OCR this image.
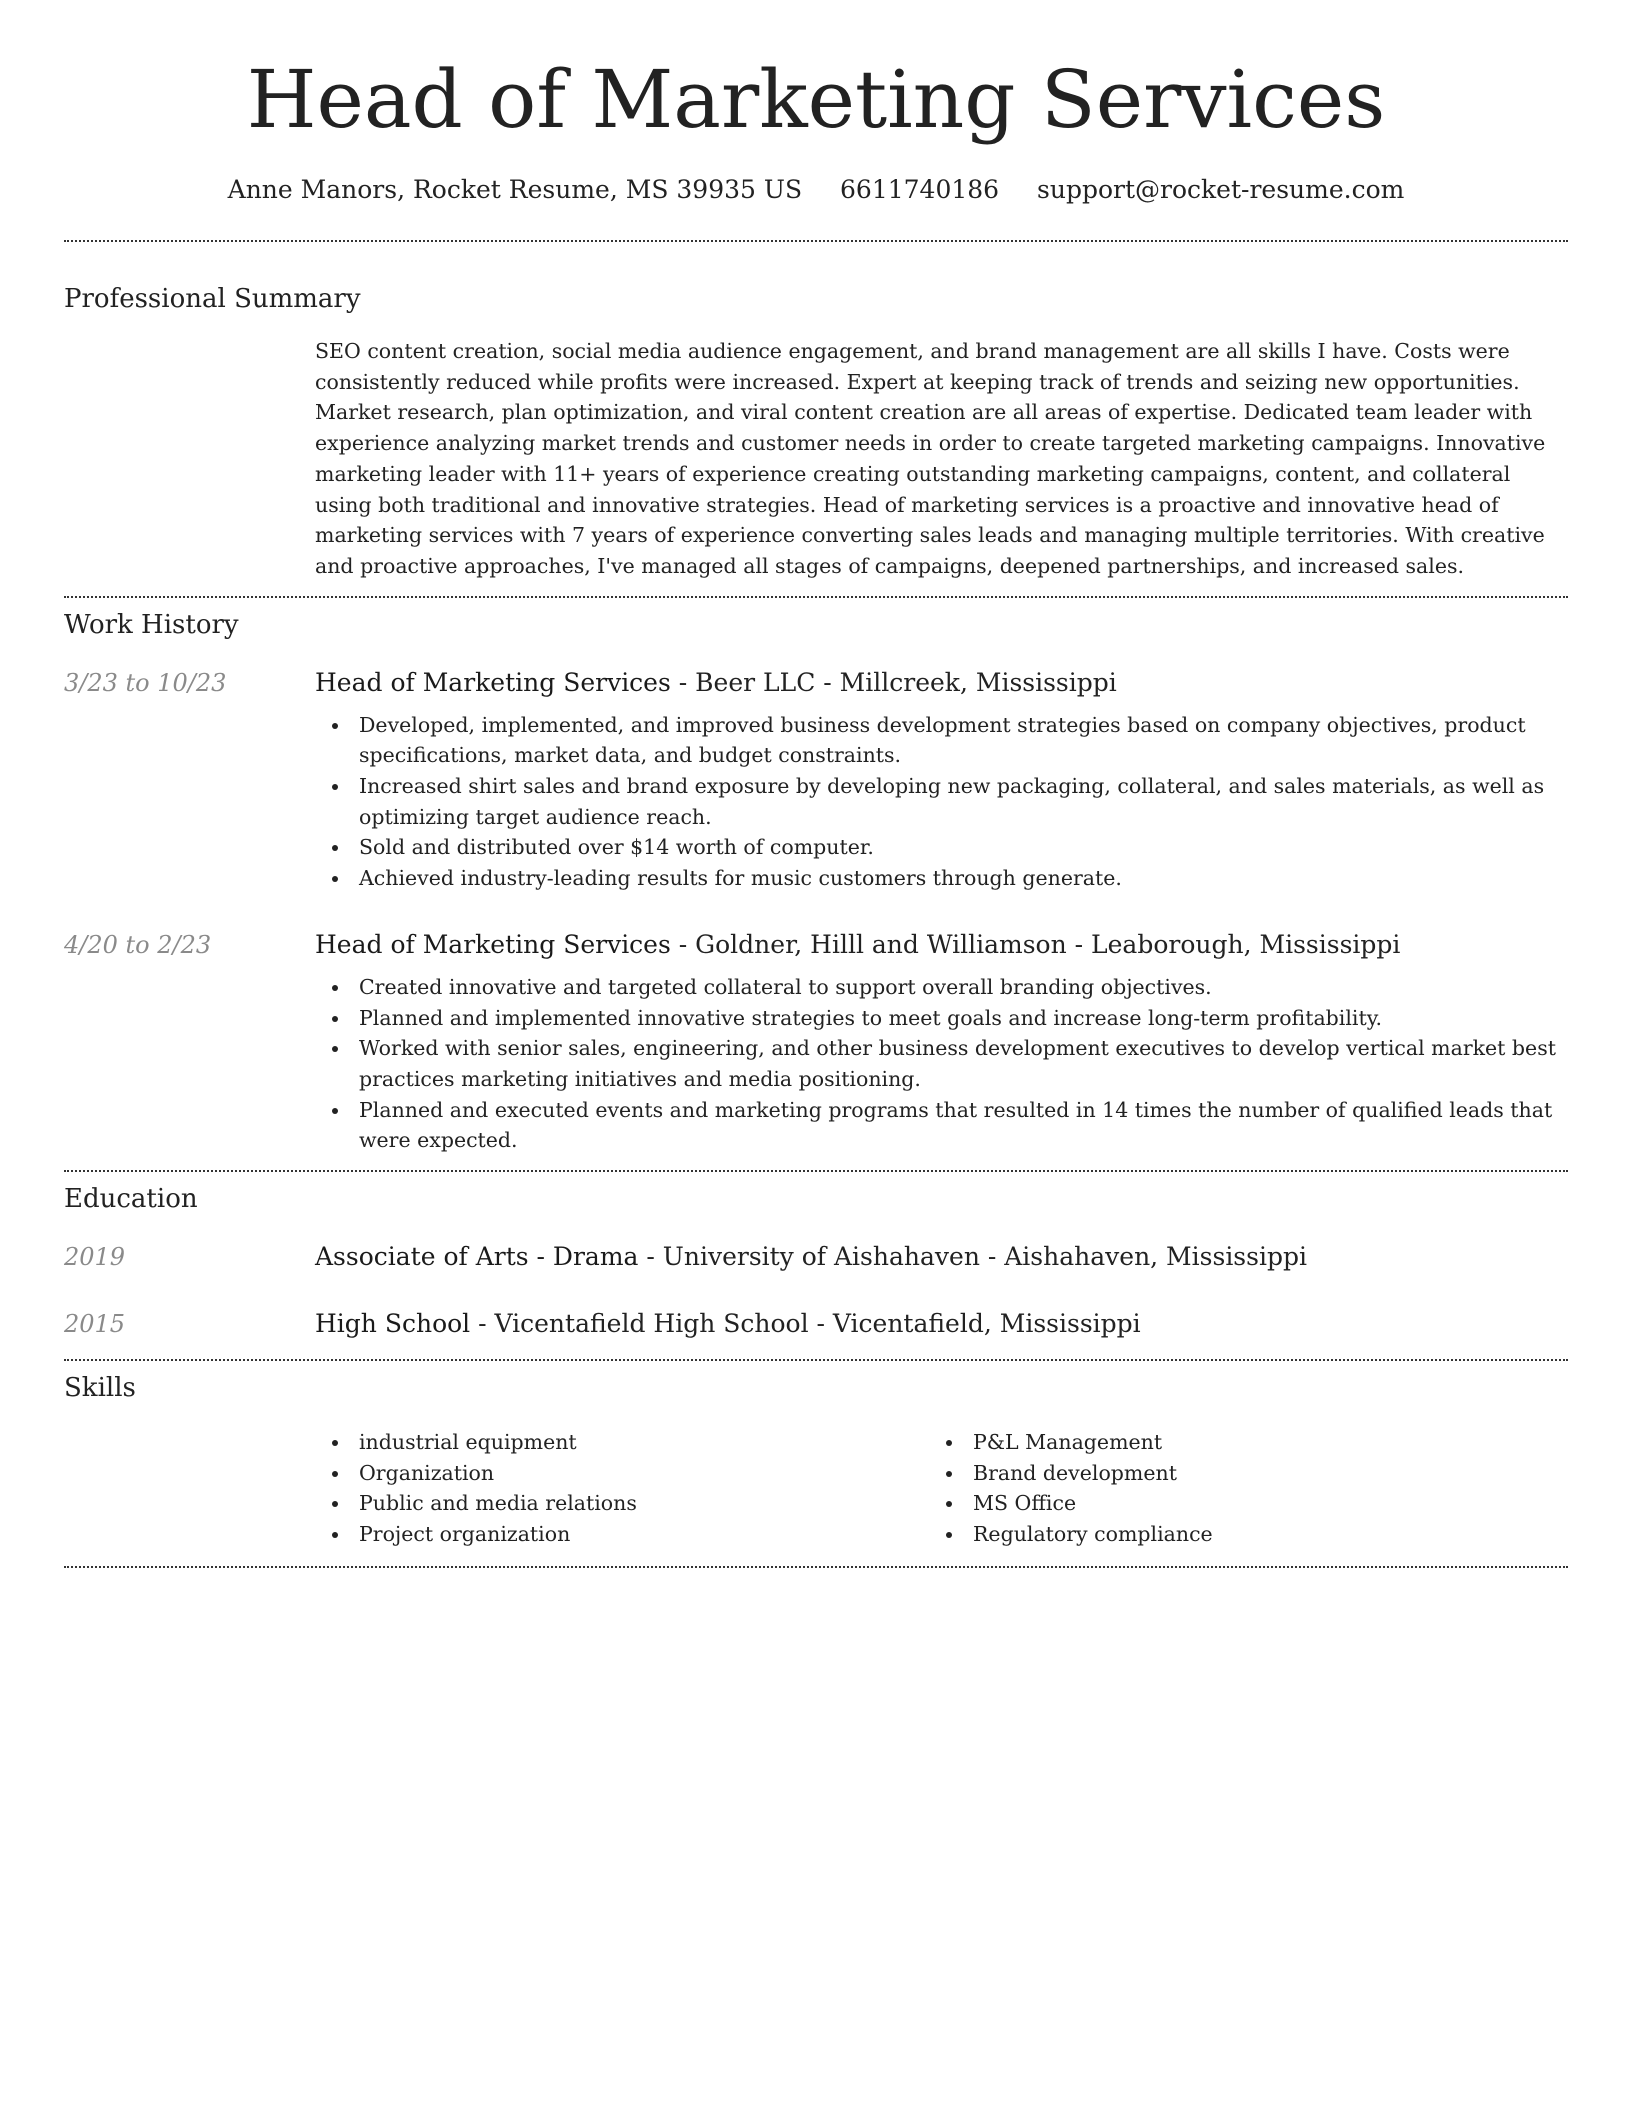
Head of Marketing Services
Anne Manors, Rocket Resume, MS 39935 US 6611740186 support@rocket-resume.com
Professional Summary

SEO content creation, social media audience engagement, and brand management are all skills I have. Costs were consistently reduced while profits were increased. Expert at keeping track of trends and seizing new opportunities. Market research, plan optimization, and viral content creation are all areas of expertise. Dedicated team leader with experience analyzing market trends and customer needs in order to create targeted marketing campaigns. Innovative marketing leader with 11+ years of experience creating outstanding marketing campaigns, content, and collateral using both traditional and innovative strategies. Head of marketing services is a proactive and innovative head of marketing services with 7 years of experience converting sales leads and managing multiple territories. With creative and proactive approaches, I've managed all stages of campaigns, deepened partnerships, and increased sales.

Work History
3/23 to 10/23	Head of Marketing Services - Beer LLC - Millcreek, Mississippi
Developed, implemented, and improved business development strategies based on company objectives, product specifications, market data, and budget constraints.
Increased shirt sales and brand exposure by developing new packaging, collateral, and sales materials, as well as optimizing target audience reach.
Sold and distributed over $14 worth of computer.
Achieved industry-leading results for music customers through generate.
4/20 to 2/23	Head of Marketing Services - Goldner, Hilll and Williamson - Leaborough, Mississippi
Created innovative and targeted collateral to support overall branding objectives.
Planned and implemented innovative strategies to meet goals and increase long-term profitability.
Worked with senior sales, engineering, and other business development executives to develop vertical market best practices marketing initiatives and media positioning.
Planned and executed events and marketing programs that resulted in 14 times the number of qualified leads that were expected.
Education
2019	Associate of Arts - Drama - University of Aishahaven - Aishahaven, Mississippi
2015	High School - Vicentafield High School - Vicentafield, Mississippi
Skills
industrial equipment
Organization
Public and media relations
Project organization
P&L Management
Brand development
MS Office
Regulatory compliance
